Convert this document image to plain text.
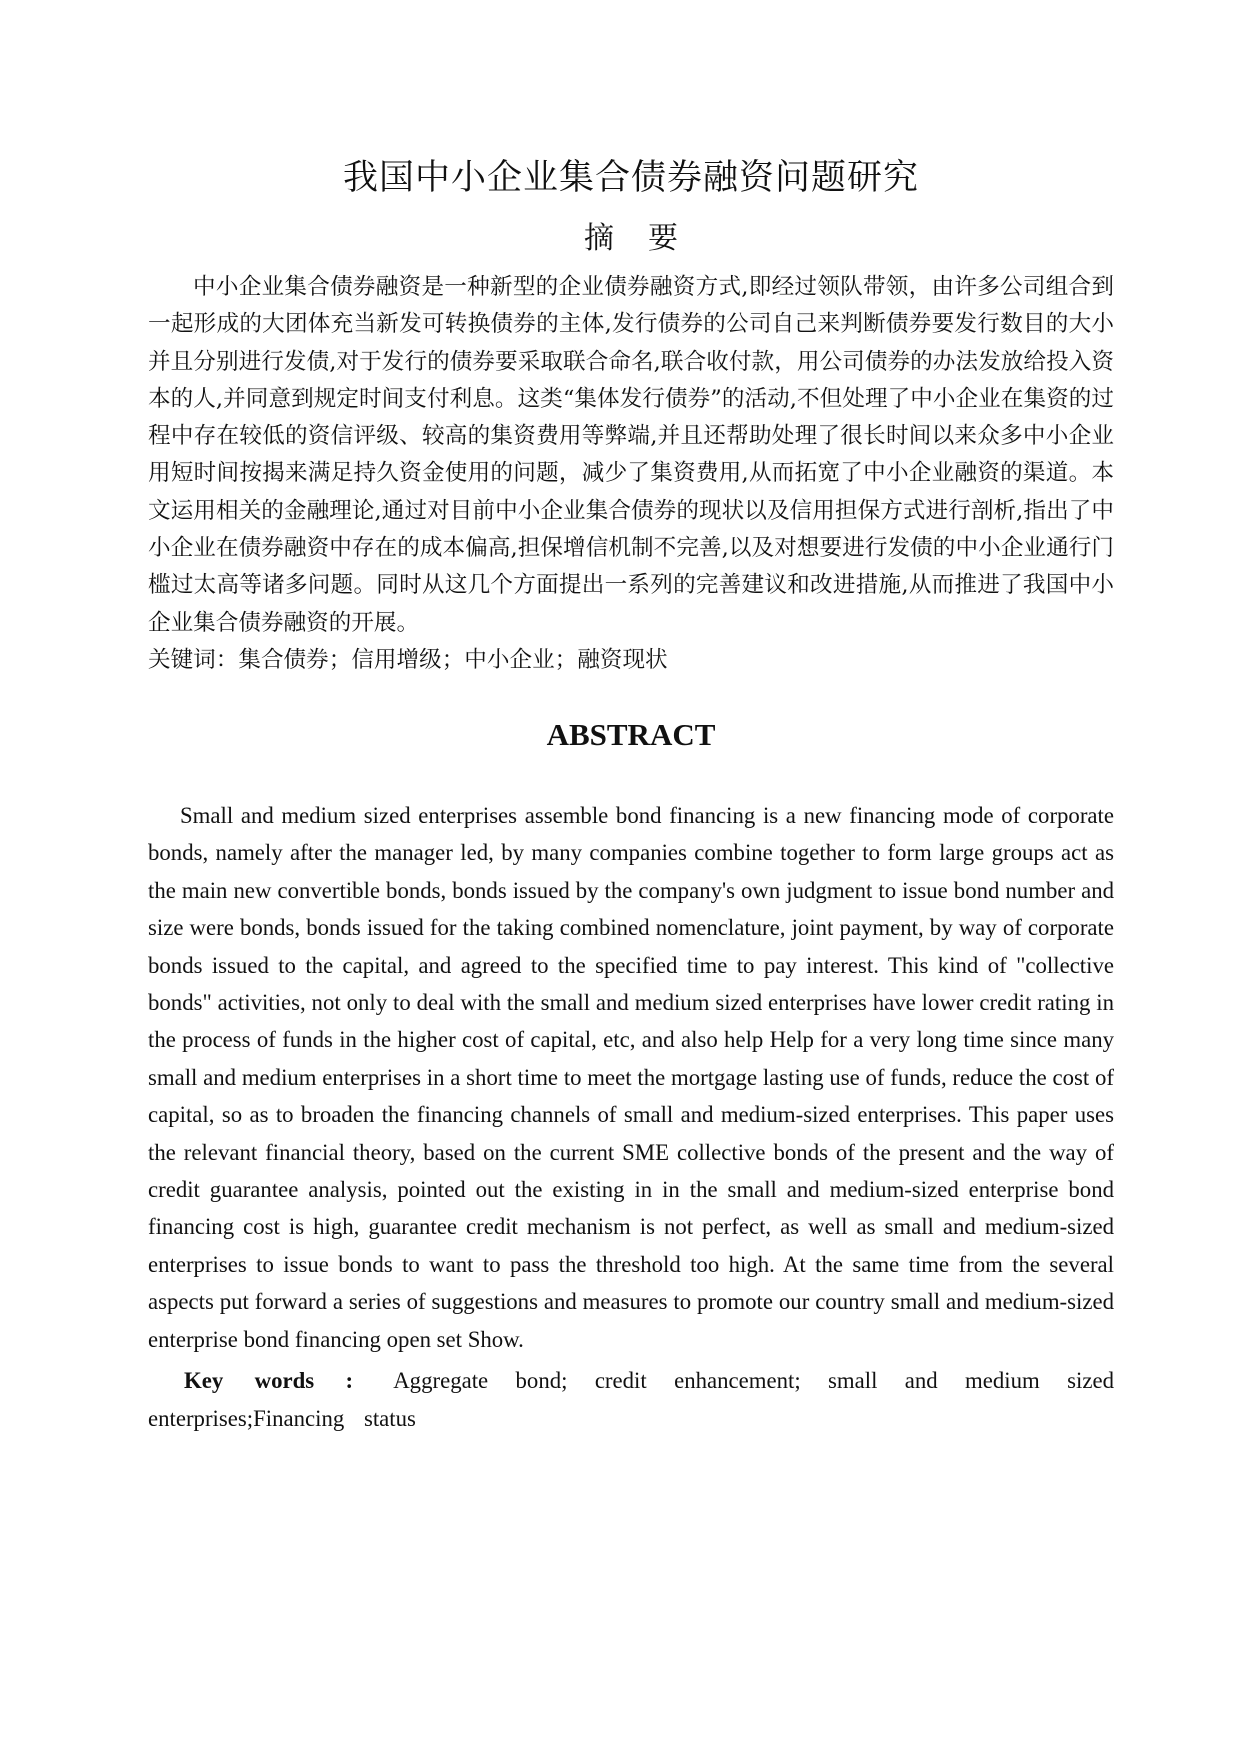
我国中小企业集合债券融资问题研究
摘要

中小企业集合债券融资是一种新型的企业债券融资方式,即经过领队带领，由许多公司组合到一起形成的大团体充当新发可转换债券的主体,发行债券的公司自己来判断债券要发行数目的大小并且分别进行发债,对于发行的债券要采取联合命名,联合收付款，用公司债券的办法发放给投入资本的人,并同意到规定时间支付利息。这类“集体发行债券”的活动,不但处理了中小企业在集资的过程中存在较低的资信评级、较高的集资费用等弊端,并且还帮助处理了很长时间以来众多中小企业用短时间按揭来满足持久资金使用的问题，减少了集资费用,从而拓宽了中小企业融资的渠道。本文运用相关的金融理论,通过对目前中小企业集合债券的现状以及信用担保方式进行剖析,指出了中小企业在债券融资中存在的成本偏高,担保增信机制不完善,以及对想要进行发债的中小企业通行门槛过太高等诸多问题。同时从这几个方面提出一系列的完善建议和改进措施,从而推进了我国中小企业集合债券融资的开展。

关键词：集合债券；信用增级；中小企业；融资现状

ABSTRACT

Small and medium sized enterprises assemble bond financing is a new financing mode of corporate bonds, namely after the manager led, by many companies combine together to form large groups act as the main new convertible bonds, bonds issued by the company's own judgment to issue bond number and size were bonds, bonds issued for the taking combined nomenclature, joint payment, by way of corporate bonds issued to the capital, and agreed to the specified time to pay interest. This kind of "collective bonds" activities, not only to deal with the small and medium sized enterprises have lower credit rating in the process of funds in the higher cost of capital, etc, and also help Help for a very long time since many small and medium enterprises in a short time to meet the mortgage lasting use of funds, reduce the cost of capital, so as to broaden the financing channels of small and medium-sized enterprises. This paper uses the relevant financial theory, based on the current SME collective bonds of the present and the way of credit guarantee analysis, pointed out the existing in in the small and medium-sized enterprise bond financing cost is high, guarantee credit mechanism is not perfect, as well as small and medium-sized enterprises to issue bonds to want to pass the threshold too high. At the same time from the several aspects put forward a series of suggestions and measures to promote our country small and medium-sized enterprise bond financing open set Show.

Key words : Aggregate bond; credit enhancement; small and medium sized enterprises;Financing status
